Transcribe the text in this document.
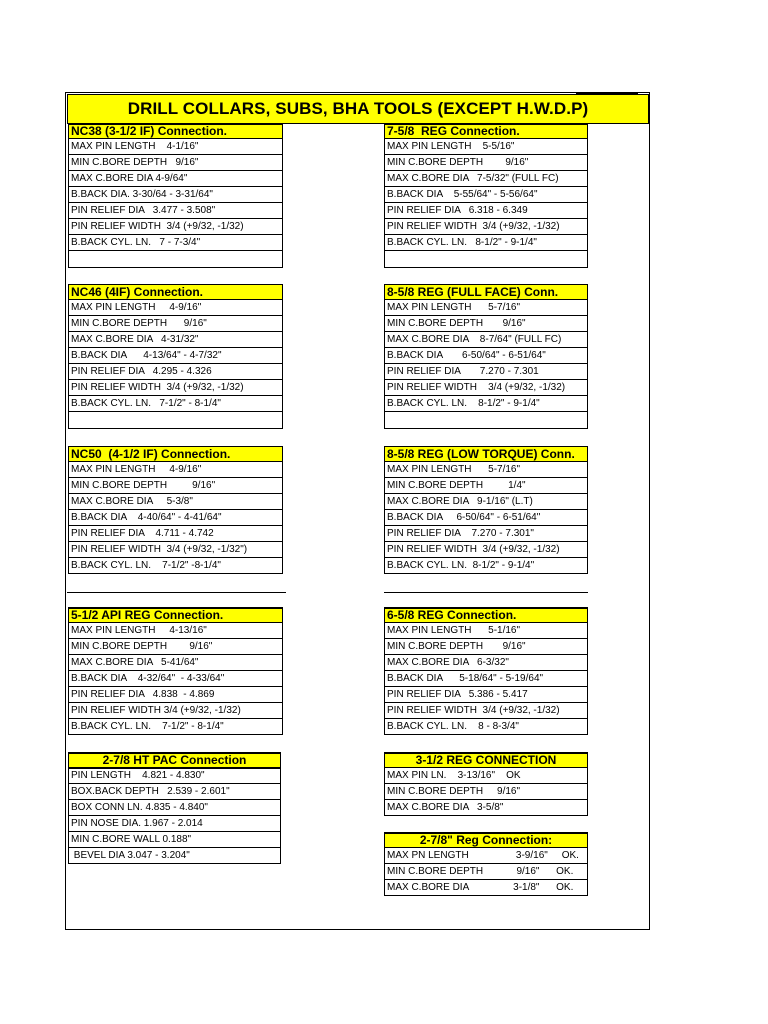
DRILL COLLARS, SUBS, BHA TOOLS (EXCEPT H.W.D.P)
NC38 (3-1/2 IF) Connection.
MAX PIN LENGTH    4-1/16"
MIN C.BORE DEPTH   9/16"
MAX C.BORE DIA 4-9/64"
B.BACK DIA. 3-30/64 - 3-31/64"
PIN RELIEF DIA   3.477 - 3.508"
PIN RELIEF WIDTH  3/4 (+9/32, -1/32)
B.BACK CYL. LN.   7 - 7-3/4"
7-5/8  REG Connection.
MAX PIN LENGTH    5-5/16"
MIN C.BORE DEPTH        9/16"
MAX C.BORE DIA   7-5/32" (FULL FC)
B.BACK DIA    5-55/64" - 5-56/64"
PIN RELIEF DIA   6.318 - 6.349
PIN RELIEF WIDTH  3/4 (+9/32, -1/32)
B.BACK CYL. LN.   8-1/2" - 9-1/4"
NC46 (4IF) Connection.
MAX PIN LENGTH     4-9/16"
MIN C.BORE DEPTH      9/16"
MAX C.BORE DIA   4-31/32"
B.BACK DIA      4-13/64" - 4-7/32"
PIN RELIEF DIA   4.295 - 4.326
PIN RELIEF WIDTH  3/4 (+9/32, -1/32)
B.BACK CYL. LN.   7-1/2" - 8-1/4"
8-5/8 REG (FULL FACE) Conn.
MAX PIN LENGTH      5-7/16"
MIN C.BORE DEPTH       9/16"
MAX C.BORE DIA    8-7/64" (FULL FC)
B.BACK DIA       6-50/64" - 6-51/64"
PIN RELIEF DIA       7.270 - 7.301
PIN RELIEF WIDTH    3/4 (+9/32, -1/32)
B.BACK CYL. LN.    8-1/2" - 9-1/4"
NC50  (4-1/2 IF) Connection.
MAX PIN LENGTH     4-9/16"
MIN C.BORE DEPTH         9/16"
MAX C.BORE DIA     5-3/8"
B.BACK DIA    4-40/64" - 4-41/64"
PIN RELIEF DIA    4.711 - 4.742
PIN RELIEF WIDTH  3/4 (+9/32, -1/32")
B.BACK CYL. LN.    7-1/2" -8-1/4"
8-5/8 REG (LOW TORQUE) Conn.
MAX PIN LENGTH      5-7/16"
MIN C.BORE DEPTH         1/4"
MAX C.BORE DIA   9-1/16" (L.T)
B.BACK DIA     6-50/64" - 6-51/64"
PIN RELIEF DIA    7.270 - 7.301"
PIN RELIEF WIDTH  3/4 (+9/32, -1/32)
B.BACK CYL. LN.  8-1/2" - 9-1/4"
5-1/2 API REG Connection.
MAX PIN LENGTH     4-13/16"
MIN C.BORE DEPTH        9/16"
MAX C.BORE DIA   5-41/64"
B.BACK DIA    4-32/64"  - 4-33/64"
PIN RELIEF DIA   4.838  - 4.869
PIN RELIEF WIDTH 3/4 (+9/32, -1/32)
B.BACK CYL. LN.    7-1/2" - 8-1/4"
6-5/8 REG Connection.
MAX PIN LENGTH      5-1/16"
MIN C.BORE DEPTH       9/16"
MAX C.BORE DIA   6-3/32"
B.BACK DIA      5-18/64" - 5-19/64"
PIN RELIEF DIA   5.386 - 5.417
PIN RELIEF WIDTH  3/4 (+9/32, -1/32)
B.BACK CYL. LN.    8 - 8-3/4"
2-7/8 HT PAC Connection
PIN LENGTH    4.821 - 4.830"
BOX.BACK DEPTH   2.539 - 2.601"
BOX CONN LN. 4.835 - 4.840"
PIN NOSE DIA. 1.967 - 2.014
MIN C.BORE WALL 0.188"
BEVEL DIA 3.047 - 3.204"
3-1/2 REG CONNECTION
MAX PIN LN.    3-13/16"    OK
MIN C.BORE DEPTH     9/16"
MAX C.BORE DIA   3-5/8"
2-7/8" Reg Connection:
MAX PN LENGTH                 3-9/16"     OK.
MIN C.BORE DEPTH            9/16"      OK.
MAX C.BORE DIA                3-1/8"      OK.
